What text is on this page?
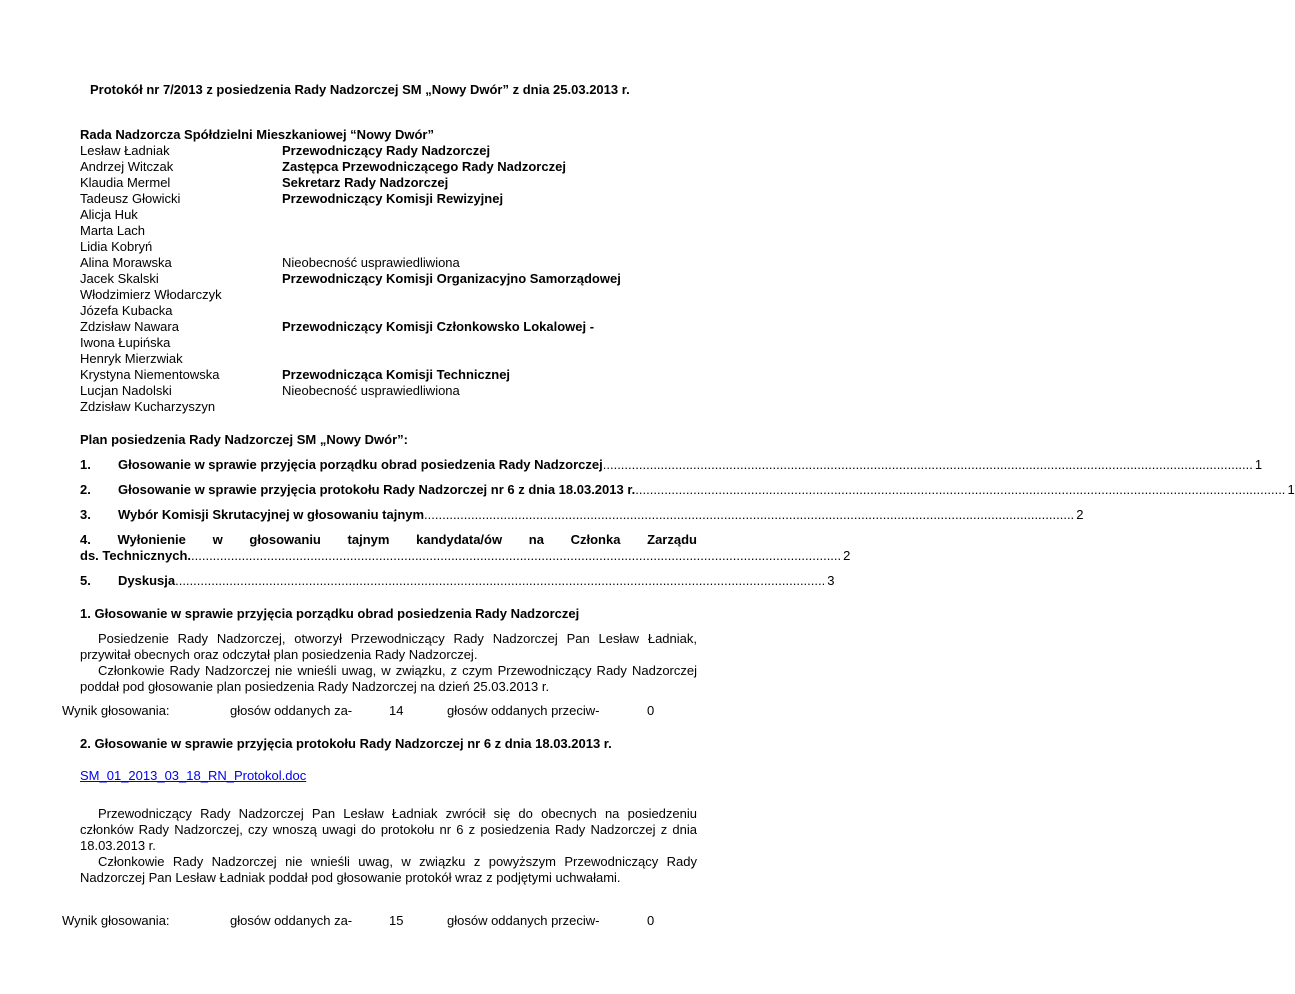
Protokół nr 7/2013 z posiedzenia Rady Nadzorczej SM „Nowy Dwór” z dnia 25.03.2013 r.
Rada Nadzorcza Spółdzielni Mieszkaniowej “Nowy Dwór”
Lesław Ładniak	Przewodniczący Rady Nadzorczej
Andrzej Witczak	Zastępca Przewodniczącego Rady Nadzorczej
Klaudia Mermel	Sekretarz Rady Nadzorczej
Tadeusz Głowicki	Przewodniczący Komisji Rewizyjnej
Alicja Huk
Marta Lach
Lidia Kobryń
Alina Morawska	Nieobecność usprawiedliwiona
Jacek Skalski	Przewodniczący Komisji Organizacyjno Samorządowej
Włodzimierz Włodarczyk
Józefa Kubacka
Zdzisław Nawara	Przewodniczący Komisji Członkowsko Lokalowej -
Iwona Łupińska
Henryk Mierzwiak
Krystyna Niementowska	Przewodnicząca Komisji Technicznej
Lucjan Nadolski	Nieobecność usprawiedliwiona
Zdzisław Kucharzyszyn
Plan posiedzenia Rady Nadzorczej SM „Nowy Dwór”:
1.	Głosowanie w sprawie przyjęcia porządku obrad posiedzenia Rady Nadzorczej .................................................................................................................................................................................... 1
2.	Głosowanie w sprawie przyjęcia protokołu Rady Nadzorczej nr 6 z dnia 18.03.2013 r. .................................................................................................................................................................................... 1
3.	Wybór Komisji Skrutacyjnej w głosowaniu tajnym .................................................................................................................................................................................... 2
4. Wyłonienie w głosowaniu tajnym kandydata/ów na Członka Zarządu
ds. Technicznych. .................................................................................................................................................................................... 2
5.	Dyskusja .................................................................................................................................................................................... 3
1. Głosowanie w sprawie przyjęcia porządku obrad posiedzenia Rady Nadzorczej
Posiedzenie Rady Nadzorczej, otworzył Przewodniczący Rady Nadzorczej Pan Lesław Ładniak, przywitał obecnych oraz odczytał plan posiedzenia Rady Nadzorczej.
Członkowie Rady Nadzorczej nie wnieśli uwag, w związku, z czym Przewodniczący Rady Nadzorczej poddał pod głosowanie plan posiedzenia Rady Nadzorczej na dzień 25.03.2013 r.
Wynik głosowania:	głosów oddanych za-	14	głosów oddanych przeciw-	0
2. Głosowanie w sprawie przyjęcia protokołu Rady Nadzorczej nr 6 z dnia 18.03.2013 r.
SM_01_2013_03_18_RN_Protokol.doc
Przewodniczący Rady Nadzorczej Pan Lesław Ładniak zwrócił się do obecnych na posiedzeniu członków Rady Nadzorczej, czy wnoszą uwagi do protokołu nr 6 z posiedzenia Rady Nadzorczej z dnia 18.03.2013 r.
Członkowie Rady Nadzorczej nie wnieśli uwag, w związku z powyższym Przewodniczący Rady Nadzorczej Pan Lesław Ładniak poddał pod głosowanie protokół wraz z podjętymi uchwałami.
Wynik głosowania:	głosów oddanych za-	15	głosów oddanych przeciw-	0
